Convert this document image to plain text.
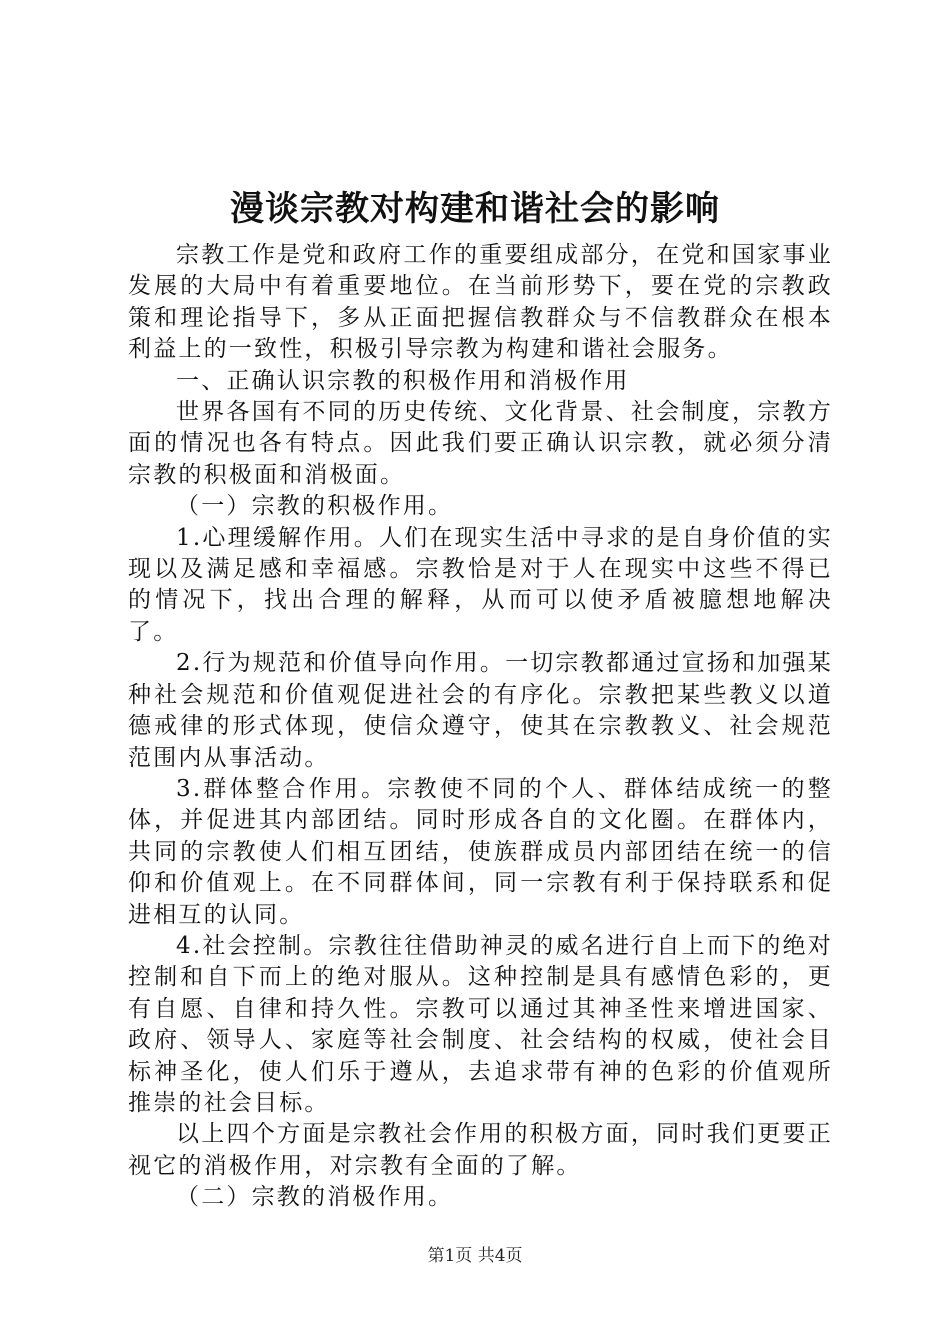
漫谈宗教对构建和谐社会的影响

宗教工作是党和政府工作的重要组成部分，在党和国家事业发展的大局中有着重要地位。在当前形势下，要在党的宗教政策和理论指导下，多从正面把握信教群众与不信教群众在根本利益上的一致性，积极引导宗教为构建和谐社会服务。

一、正确认识宗教的积极作用和消极作用

世界各国有不同的历史传统、文化背景、社会制度，宗教方面的情况也各有特点。因此我们要正确认识宗教，就必须分清宗教的积极面和消极面。

（一）宗教的积极作用。

1.心理缓解作用。人们在现实生活中寻求的是自身价值的实现以及满足感和幸福感。宗教恰是对于人在现实中这些不得已的情况下，找出合理的解释，从而可以使矛盾被臆想地解决了。

2.行为规范和价值导向作用。一切宗教都通过宣扬和加强某种社会规范和价值观促进社会的有序化。宗教把某些教义以道德戒律的形式体现，使信众遵守，使其在宗教教义、社会规范范围内从事活动。

3.群体整合作用。宗教使不同的个人、群体结成统一的整体，并促进其内部团结。同时形成各自的文化圈。在群体内，共同的宗教使人们相互团结，使族群成员内部团结在统一的信仰和价值观上。在不同群体间，同一宗教有利于保持联系和促进相互的认同。

4.社会控制。宗教往往借助神灵的威名进行自上而下的绝对控制和自下而上的绝对服从。这种控制是具有感情色彩的，更有自愿、自律和持久性。宗教可以通过其神圣性来增进国家、政府、领导人、家庭等社会制度、社会结构的权威，使社会目标神圣化，使人们乐于遵从，去追求带有神的色彩的价值观所推崇的社会目标。

以上四个方面是宗教社会作用的积极方面，同时我们更要正视它的消极作用，对宗教有全面的了解。

（二）宗教的消极作用。

第1页 共4页
